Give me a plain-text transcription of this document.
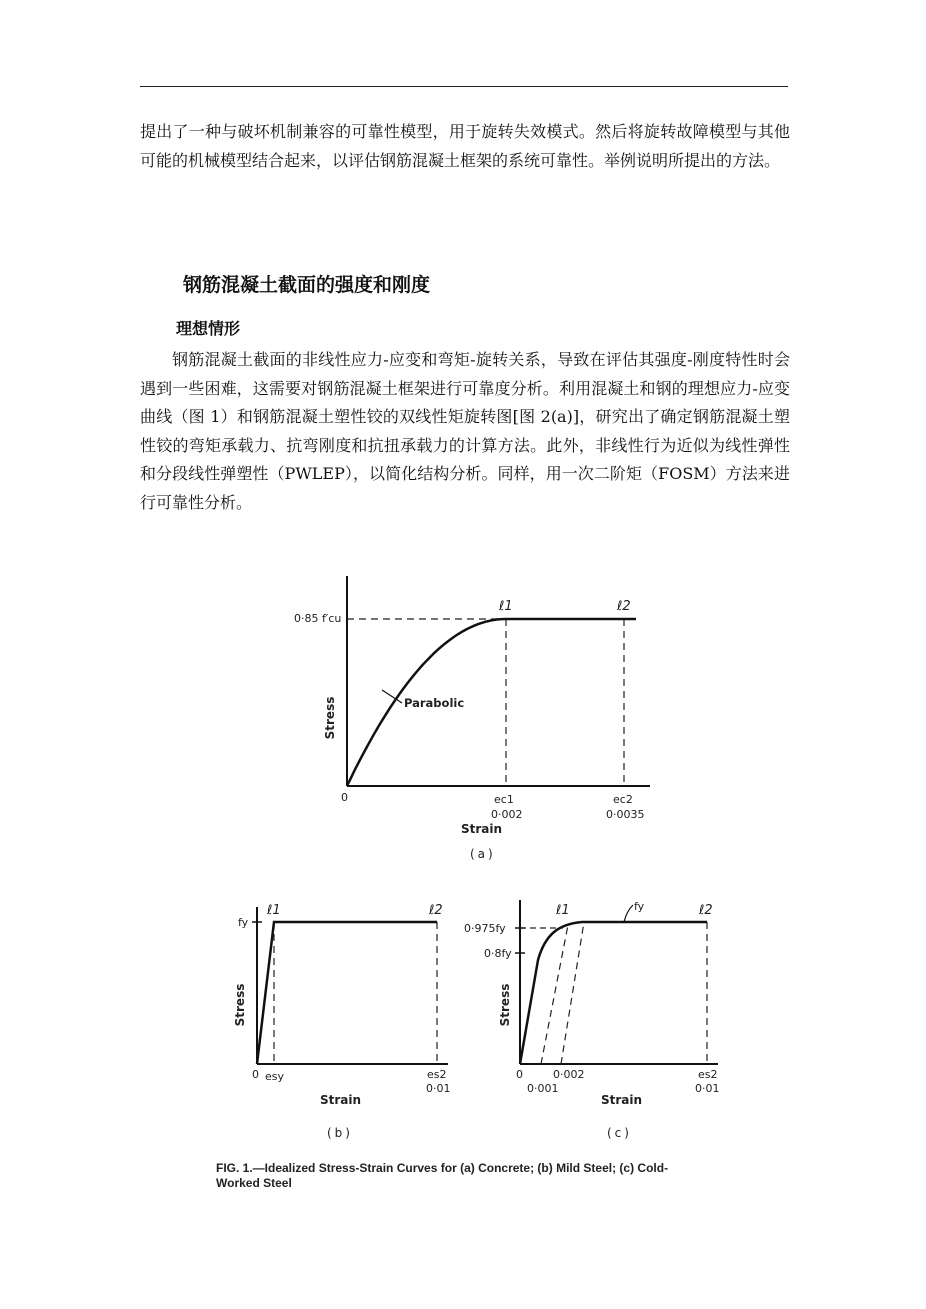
提出了一种与破坏机制兼容的可靠性模型，用于旋转失效模式。然后将旋转故障模型与其他可能的机械模型结合起来，以评估钢筋混凝土框架的系统可靠性。举例说明所提出的方法。

钢筋混凝土截面的强度和刚度
理想情形

钢筋混凝土截面的非线性应力-应变和弯矩-旋转关系，导致在评估其强度-刚度特性时会遇到一些困难，这需要对钢筋混凝土框架进行可靠度分析。利用混凝土和钢的理想应力-应变曲线（图 1）和钢筋混凝土塑性铰的双线性矩旋转图[图 2(a)]，研究出了确定钢筋混凝土塑性铰的弯矩承载力、抗弯刚度和抗扭承载力的计算方法。此外，非线性行为近似为线性弹性和分段线性弹塑性（PWLEP），以简化结构分析。同样，用一次二阶矩（FOSM）方法来进行可靠性分析。

0·85 f′cu
Stress	Parabolic
ℓ1	ℓ2
0	ec1
0·002
ec2
0·0035
Strain
(a)
fy
Stress
ℓ1	ℓ2
0 esy	es2
0·01
Strain
(b)
0·975fy
0·8fy
fy
Stress
ℓ1	ℓ2
0
0·001
0·002	es2
0·01
Strain
(c)
FIG. 1.—Idealized Stress-Strain Curves for (a) Concrete; (b) Mild Steel; (c) Cold-
Worked Steel
